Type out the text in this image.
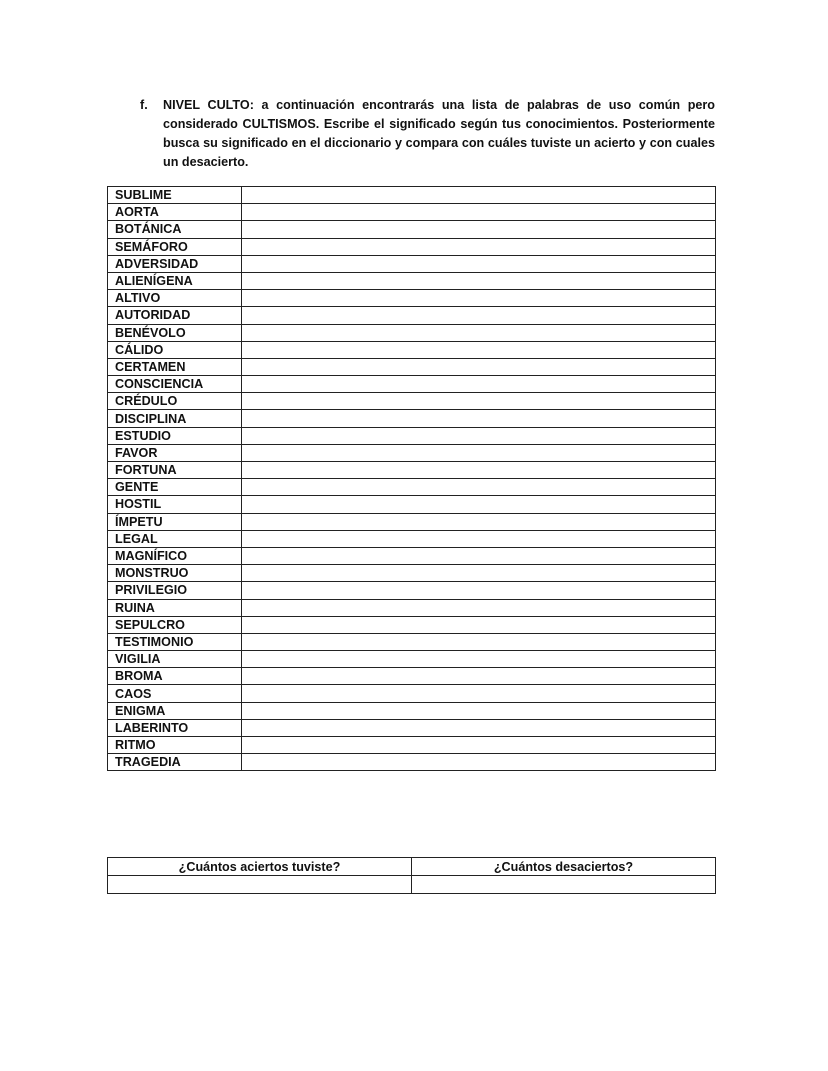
f. NIVEL CULTO: a continuación encontrarás una lista de palabras de uso común pero considerado CULTISMOS. Escribe el significado según tus conocimientos. Posteriormente busca su significado en el diccionario y compara con cuáles tuviste un acierto y con cuales un desacierto.
SUBLIME	
AORTA	
BOTÁNICA	
SEMÁFORO	
ADVERSIDAD	
ALIENÍGENA	
ALTIVO	
AUTORIDAD	
BENÉVOLO	
CÁLIDO	
CERTAMEN	
CONSCIENCIA	
CRÉDULO	
DISCIPLINA	
ESTUDIO	
FAVOR	
FORTUNA	
GENTE	
HOSTIL	
ÍMPETU	
LEGAL	
MAGNÍFICO	
MONSTRUO	
PRIVILEGIO	
RUINA	
SEPULCRO	
TESTIMONIO	
VIGILIA	
BROMA	
CAOS	
ENIGMA	
LABERINTO	
RITMO	
TRAGEDIA	
¿Cuántos aciertos tuviste?	¿Cuántos desaciertos?
